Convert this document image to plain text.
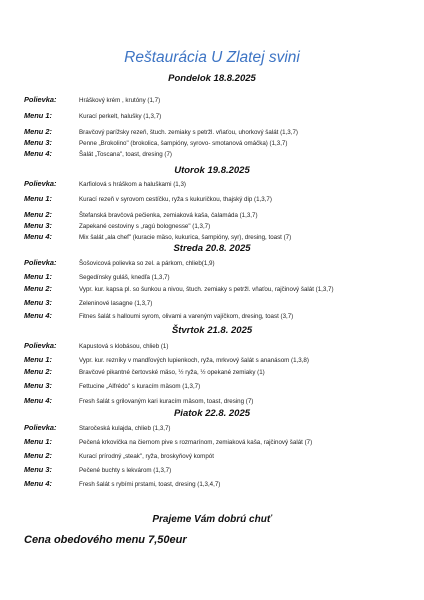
Reštaurácia U Zlatej svini
Pondelok 18.8.2025
Polievka:	Hráškový krém , krutóny (1,7)
Menu 1:	Kurací perkelt, halušky (1,3,7)
Menu 2:	Bravčový parížsky rezeň, štuch. zemiaky s petržl. vňaťou, uhorkový šalát (1,3,7)
Menu 3:	Penne „Brokolino" (brokolica, šampióny, syrovo- smotanová omáčka) (1,3,7)
Menu 4:	Šalát „Toscana", toast, dresing (7)
Utorok 19.8.2025
Polievka:	Karfiolová s hráškom a haluškami (1,3)
Menu 1:	Kurací rezeň v syrovom cestíčku, ryža s kukuričkou, thajský dip (1,3,7)
Menu 2:	Štefanská bravčová pečienka, zemiaková kaša, čalamáda (1,3,7)
Menu 3:	Zapekané cestoviny s „ragú bolognesse" (1,3,7)
Menu 4:	Mix šalát „ala chef" (kuracie mäso, kukurica, šampióny, syr), dresing, toast (7)
Streda 20.8. 2025
Polievka:	Šošovicová polievka so zel. a párkom, chlieb(1,9)
Menu 1:	Segedínsky guláš, knedľa (1,3,7)
Menu 2:	Vypr. kur. kapsa pl. so šunkou a nivou, štuch. zemiaky s petržl. vňaťou, rajčinový šalát (1,3,7)
Menu 3:	Zeleninové lasagne (1,3,7)
Menu 4:	Fitnes šalát s halloumi syrom, olivami a vareným vajíčkom, dresing, toast (3,7)
Štvrtok 21.8. 2025
Polievka:	Kapustová s klobásou, chlieb (1)
Menu 1:	Vypr. kur. rezníky v mandľových lupienkoch, ryža, mrkvový šalát s ananásom (1,3,8)
Menu 2:	Bravčové pikantné čertovské mäso, ½ ryža, ½ opekané zemiaky (1)
Menu 3:	Fettucine „Alfrédo" s kuracím mäsom (1,3,7)
Menu 4:	Fresh šalát s grilovaným kari kuracím mäsom, toast, dresing (7)
Piatok 22.8. 2025
Polievka:	Staročeská kulajda, chlieb (1,3,7)
Menu 1:	Pečená krkovička na čiernom pive s rozmarínom, zemiaková kaša, rajčinový šalát (7)
Menu 2:	Kurací prírodný „steak", ryža, broskyňový kompót
Menu 3:	Pečené buchty s lekvárom (1,3,7)
Menu 4:	Fresh šalát s rybími prstami, toast, dresing (1,3,4,7)
Prajeme Vám dobrú chuť
Cena obedového menu 7,50eur
